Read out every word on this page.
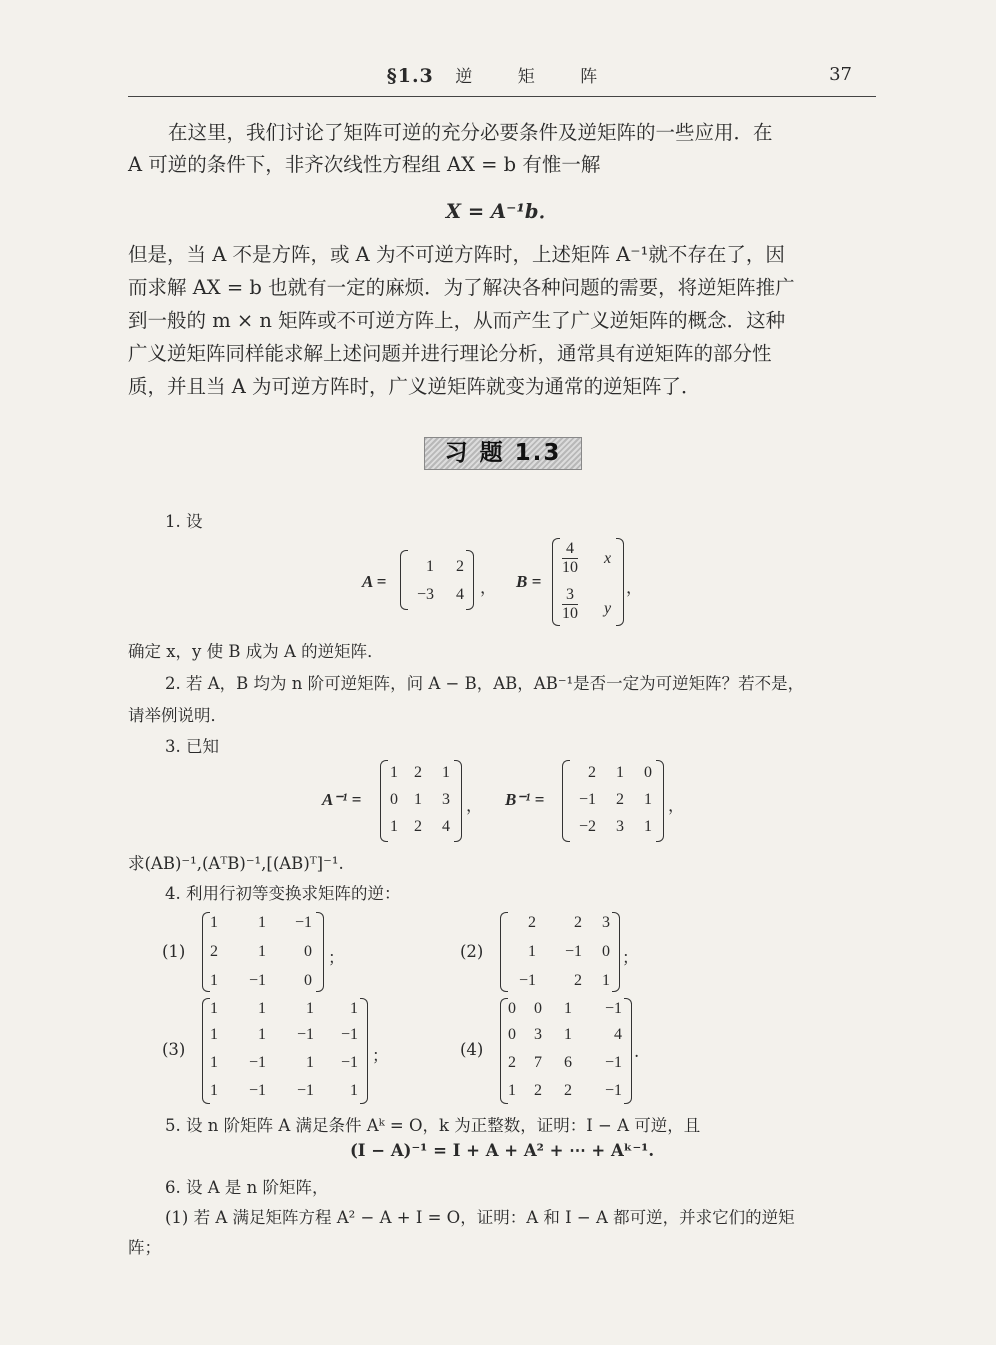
§1.3 逆 矩 阵	37
在这里，我们讨论了矩阵可逆的充分必要条件及逆矩阵的一些应用．在
A 可逆的条件下，非齐次线性方程组 AX = b 有惟一解
X = A⁻¹b．
但是，当 A 不是方阵，或 A 为不可逆方阵时，上述矩阵 A⁻¹就不存在了，因
而求解 AX = b 也就有一定的麻烦．为了解决各种问题的需要，将逆矩阵推广
到一般的 m × n 矩阵或不可逆方阵上，从而产生了广义逆矩阵的概念．这种
广义逆矩阵同样能求解上述问题并进行理论分析，通常具有逆矩阵的部分性
质，并且当 A 为可逆方阵时，广义逆矩阵就变为通常的逆矩阵了．
习 题 1.3
1. 设
A =
1	2
−3	4 ， B =
$\frac{4}{10}$ x
$\frac{3}{10}$ y
，
确定 x，y 使 B 成为 A 的逆矩阵．
2. 若 A，B 均为 n 阶可逆矩阵，问 A − B，AB，AB⁻¹是否一定为可逆矩阵？若不是，
请举例说明．
3. 已知
A⁻¹ =
1	2	1
0	1	3
1	2	4
， B⁻¹ =
2	1	0
−1	2	1
−2	3	1
，
求(AB)⁻¹,(AᵀB)⁻¹,[(AB)ᵀ]⁻¹.
4. 利用行初等变换求矩阵的逆：
(1)
1	1	−1
2	1	0
1	−1	0
；	(2)
2	2	3
1	−1	0
−1	2	1
；
(3)
1	1	1	1
1	1	−1	−1
1	−1	1	−1
1	−1	−1	1
；	(4)
0	0	1	−1
0	3	1	4
2	7	6	−1
1	2	2	−1
.
5. 设 n 阶矩阵 A 满足条件 Aᵏ = O，k 为正整数，证明：I − A 可逆，且
(I − A)⁻¹ = I + A + A² + ⋯ + Aᵏ⁻¹.
6. 设 A 是 n 阶矩阵，
(1) 若 A 满足矩阵方程 A² − A + I = O，证明：A 和 I − A 都可逆，并求它们的逆矩
阵；
